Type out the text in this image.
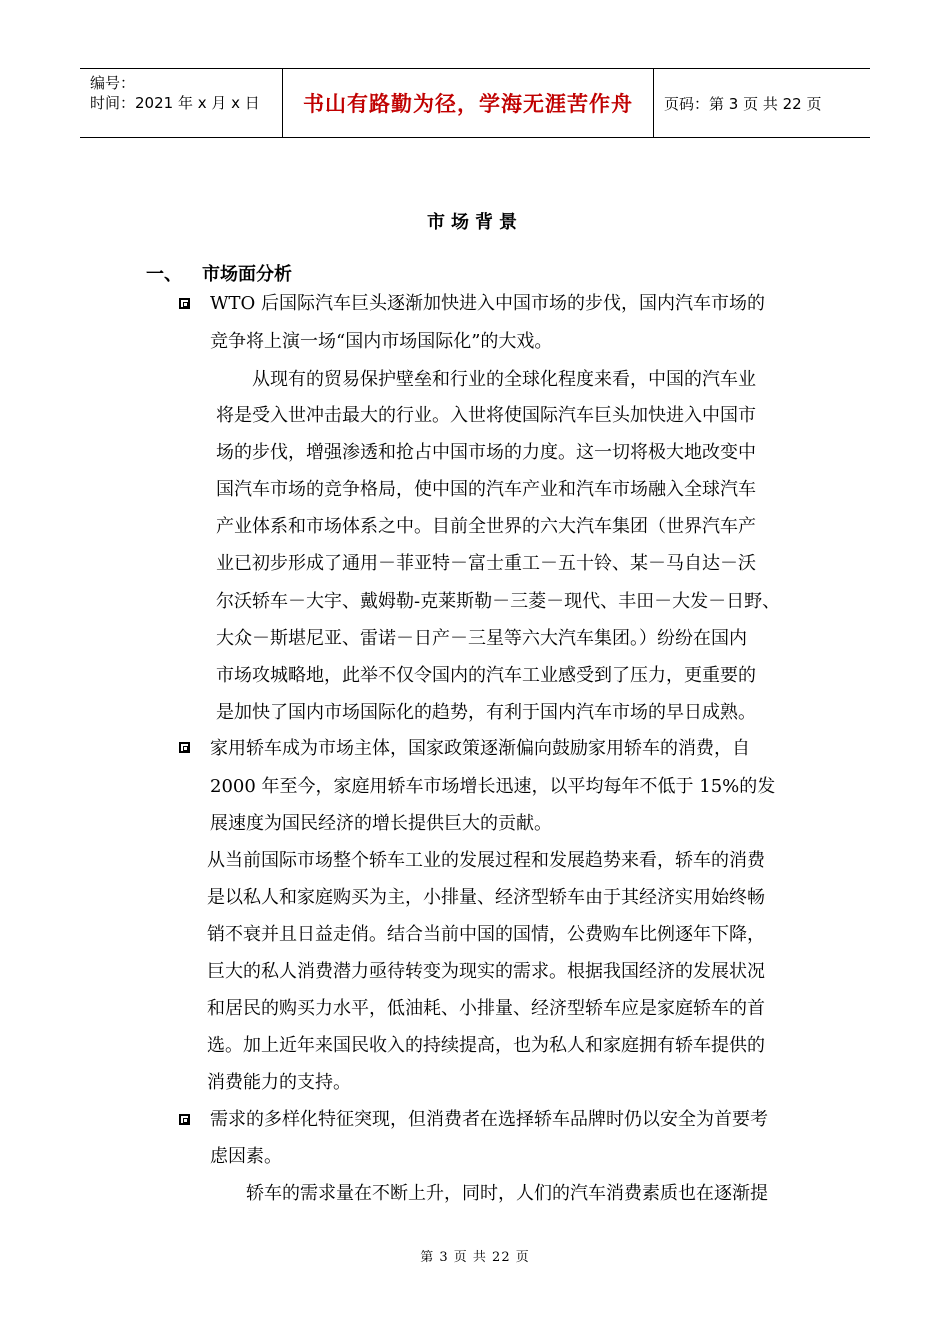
编号：
时间：2021 年 x 月 x 日	书山有路勤为径，学海无涯苦作舟	页码：第 3 页 共 22 页
市场背景
一、 市场面分析
WTO 后国际汽车巨头逐渐加快进入中国市场的步伐，国内汽车市场的
竞争将上演一场“国内市场国际化”的大戏。
从现有的贸易保护壁垒和行业的全球化程度来看，中国的汽车业
将是受入世冲击最大的行业。入世将使国际汽车巨头加快进入中国市
场的步伐，增强渗透和抢占中国市场的力度。这一切将极大地改变中
国汽车市场的竞争格局，使中国的汽车产业和汽车市场融入全球汽车
产业体系和市场体系之中。目前全世界的六大汽车集团（世界汽车产
业已初步形成了通用－菲亚特－富士重工－五十铃、某－马自达－沃
尔沃轿车－大宇、戴姆勒-克莱斯勒－三菱－现代、丰田－大发－日野、
大众－斯堪尼亚、雷诺－日产－三星等六大汽车集团。）纷纷在国内
市场攻城略地，此举不仅令国内的汽车工业感受到了压力，更重要的
是加快了国内市场国际化的趋势，有利于国内汽车市场的早日成熟。
家用轿车成为市场主体，国家政策逐渐偏向鼓励家用轿车的消费，自
2000 年至今，家庭用轿车市场增长迅速，以平均每年不低于 15%的发
展速度为国民经济的增长提供巨大的贡献。
从当前国际市场整个轿车工业的发展过程和发展趋势来看，轿车的消费
是以私人和家庭购买为主，小排量、经济型轿车由于其经济实用始终畅
销不衰并且日益走俏。结合当前中国的国情，公费购车比例逐年下降，
巨大的私人消费潜力亟待转变为现实的需求。根据我国经济的发展状况
和居民的购买力水平，低油耗、小排量、经济型轿车应是家庭轿车的首
选。加上近年来国民收入的持续提高，也为私人和家庭拥有轿车提供的
消费能力的支持。
需求的多样化特征突现，但消费者在选择轿车品牌时仍以安全为首要考
虑因素。
轿车的需求量在不断上升，同时，人们的汽车消费素质也在逐渐提
第 3 页 共 22 页
